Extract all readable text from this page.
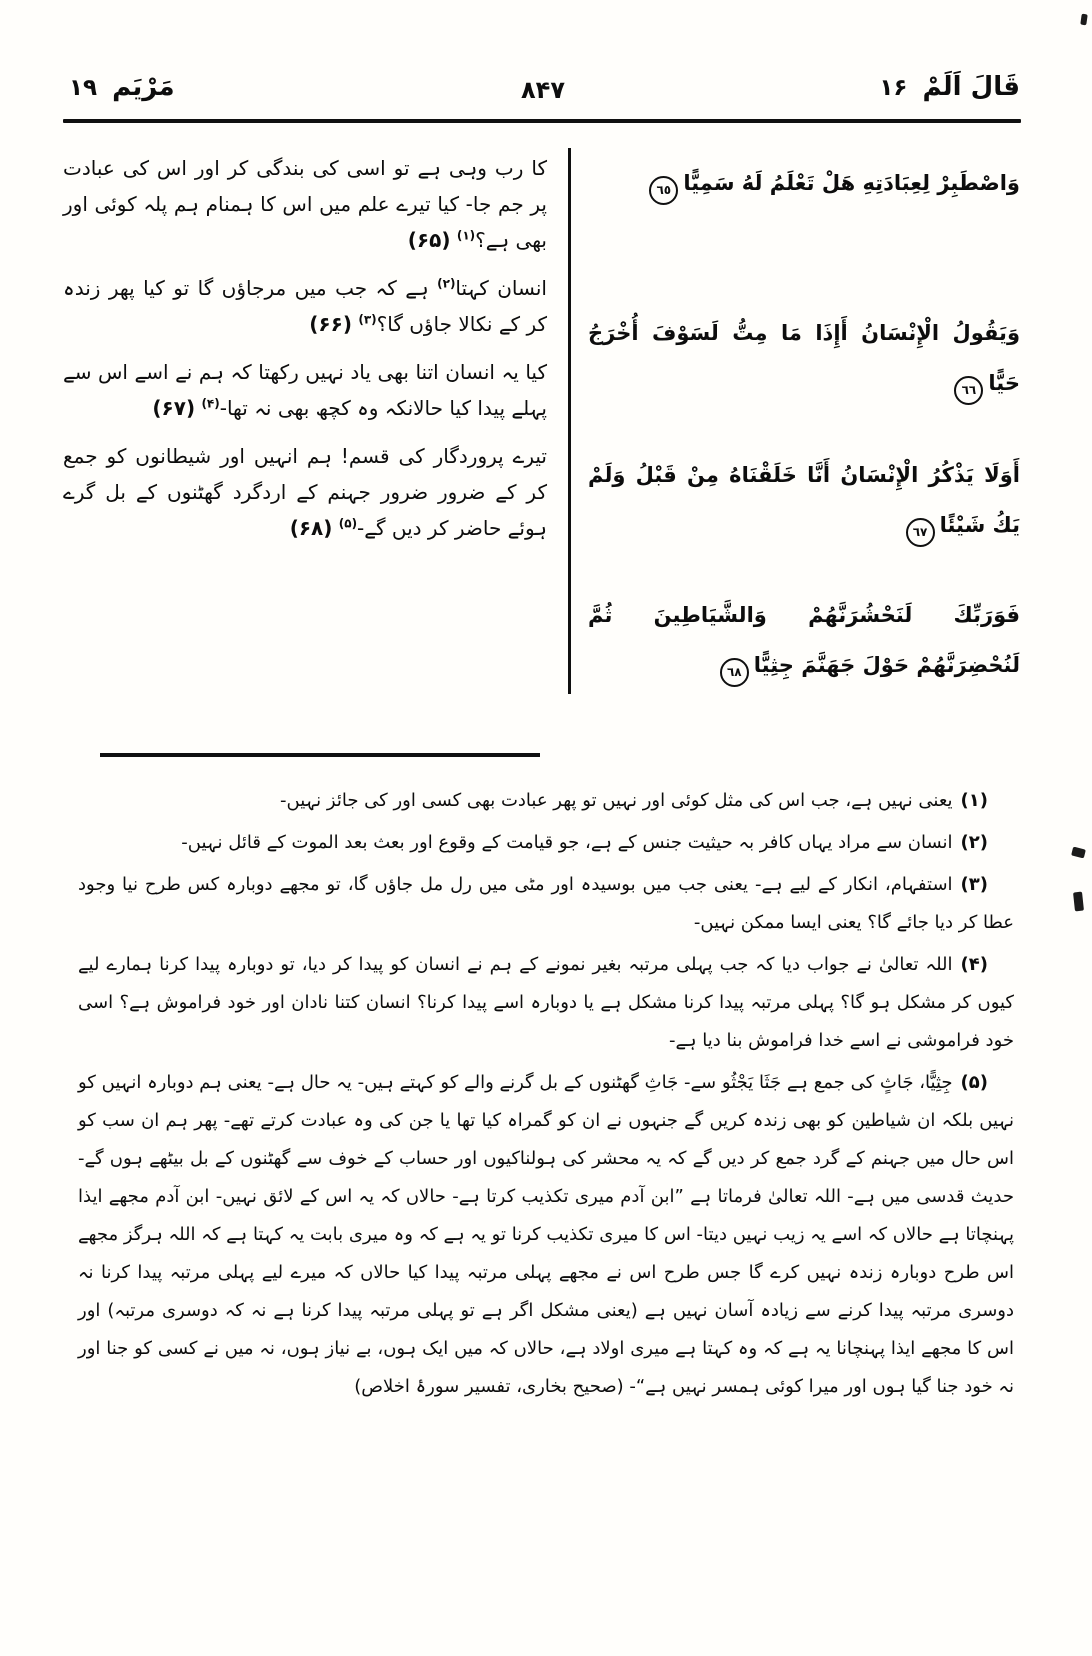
قَالَ اَلَمْ ۱۶
۸۴۷
مَرْيَم ۱۹

وَاصْطَبِرْ لِعِبَادَتِهِ هَلْ تَعْلَمُ لَهُ سَمِيًّا٦٥

وَيَقُولُ الْإِنْسَانُ أَإِذَا مَا مِتُّ لَسَوْفَ أُخْرَجُ حَيًّا٦٦

أَوَلَا يَذْكُرُ الْإِنْسَانُ أَنَّا خَلَقْنَاهُ مِنْ قَبْلُ وَلَمْ يَكُ شَيْئًا٦٧

فَوَرَبِّكَ لَنَحْشُرَنَّهُمْ وَالشَّيَاطِينَ ثُمَّ لَنُحْضِرَنَّهُمْ حَوْلَ جَهَنَّمَ جِثِيًّا٦٨

کا رب وہی ہے تو اسی کی بندگی کر اور اس کی عبادت پر جم جا- کیا تیرے علم میں اس کا ہمنام ہم پلہ کوئی اور بھی ہے؟$^{(۱)}$ (۶۵)

انسان کہتا$^{(۲)}$ ہے کہ جب میں مرجاؤں گا تو کیا پھر زندہ کر کے نکالا جاؤں گا؟$^{(۳)}$ (۶۶)

کیا یہ انسان اتنا بھی یاد نہیں رکھتا کہ ہم نے اسے اس سے پہلے پیدا کیا حالانکہ وہ کچھ بھی نہ تھا-$^{(۴)}$ (۶۷)

تیرے پروردگار کی قسم! ہم انہیں اور شیطانوں کو جمع کر کے ضرور ضرور جہنم کے اردگرد گھٹنوں کے بل گرے ہوئے حاضر کر دیں گے-$^{(۵)}$ (۶۸)

(۱)یعنی نہیں ہے، جب اس کی مثل کوئی اور نہیں تو پھر عبادت بھی کسی اور کی جائز نہیں-

(۲)انسان سے مراد یہاں کافر بہ حیثیت جنس کے ہے، جو قیامت کے وقوع اور بعث بعد الموت کے قائل نہیں-

(۳)استفہام، انکار کے لیے ہے- یعنی جب میں بوسیدہ اور مٹی میں رل مل جاؤں گا، تو مجھے دوبارہ کس طرح نیا وجود عطا کر دیا جائے گا؟ یعنی ایسا ممکن نہیں-

(۴)اللہ تعالیٰ نے جواب دیا کہ جب پہلی مرتبہ بغیر نمونے کے ہم نے انسان کو پیدا کر دیا، تو دوبارہ پیدا کرنا ہمارے لیے کیوں کر مشکل ہو گا؟ پہلی مرتبہ پیدا کرنا مشکل ہے یا دوبارہ اسے پیدا کرنا؟ انسان کتنا نادان اور خود فراموش ہے؟ اسی خود فراموشی نے اسے خدا فراموش بنا دیا ہے-

(۵)جِثِیًّا، جَاثٍ کی جمع ہے جَثَا یَجْثُو سے- جَاثِ گھٹنوں کے بل گرنے والے کو کہتے ہیں- یہ حال ہے- یعنی ہم دوبارہ انہیں کو نہیں بلکہ ان شیاطین کو بھی زندہ کریں گے جنہوں نے ان کو گمراہ کیا تھا یا جن کی وہ عبادت کرتے تھے- پھر ہم ان سب کو اس حال میں جہنم کے گرد جمع کر دیں گے کہ یہ محشر کی ہولناکیوں اور حساب کے خوف سے گھٹنوں کے بل بیٹھے ہوں گے- حدیث قدسی میں ہے- اللہ تعالیٰ فرماتا ہے ”ابن آدم میری تکذیب کرتا ہے- حالاں کہ یہ اس کے لائق نہیں- ابن آدم مجھے ایذا پہنچاتا ہے حالاں کہ اسے یہ زیب نہیں دیتا- اس کا میری تکذیب کرنا تو یہ ہے کہ وہ میری بابت یہ کہتا ہے کہ اللہ ہرگز مجھے اس طرح دوبارہ زندہ نہیں کرے گا جس طرح اس نے مجھے پہلی مرتبہ پیدا کیا حالاں کہ میرے لیے پہلی مرتبہ پیدا کرنا نہ دوسری مرتبہ پیدا کرنے سے زیادہ آسان نہیں ہے (یعنی مشکل اگر ہے تو پہلی مرتبہ پیدا کرنا ہے نہ کہ دوسری مرتبہ) اور اس کا مجھے ایذا پہنچانا یہ ہے کہ وہ کہتا ہے میری اولاد ہے، حالاں کہ میں ایک ہوں، بے نیاز ہوں، نہ میں نے کسی کو جنا اور نہ خود جنا گیا ہوں اور میرا کوئی ہمسر نہیں ہے“- (صحیح بخاری، تفسیر سورۂ اخلاص)
